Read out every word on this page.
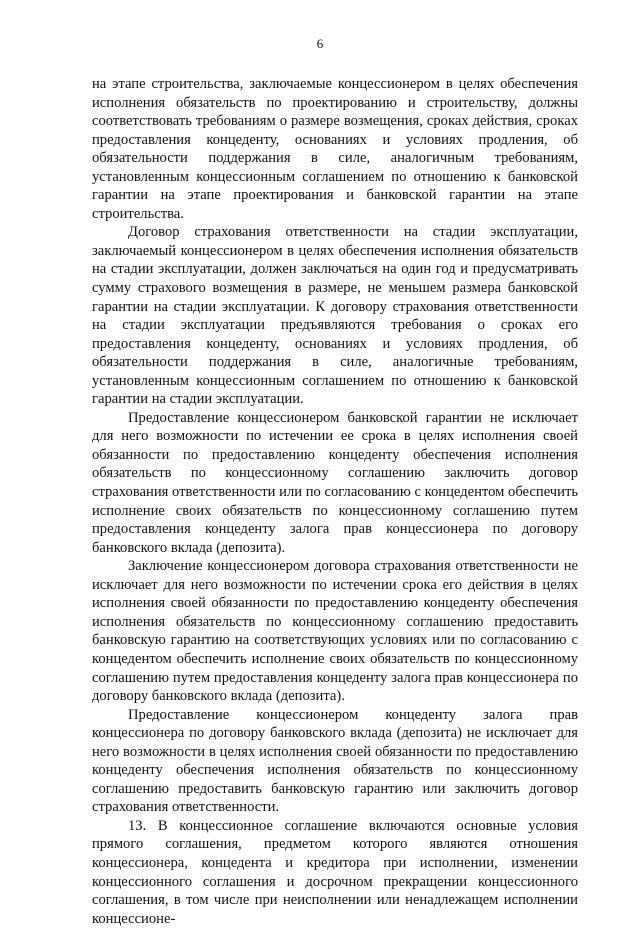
6

на этапе строительства, заключаемые концессионером в целях обеспечения исполнения обязательств по проектированию и строительству, должны соответствовать требованиям о размере возмещения, сроках действия, сроках предоставления концеденту, основаниях и условиях продления, об обязательности поддержания в силе, аналогичным требованиям, установленным концессионным соглашением по отношению к банковской гарантии на этапе проектирования и банковской гарантии на этапе строительства.

Договор страхования ответственности на стадии эксплуатации, заключаемый концессионером в целях обеспечения исполнения обязательств на стадии эксплуатации, должен заключаться на один год и предусматривать сумму страхового возмещения в размере, не меньшем размера банковской гарантии на стадии эксплуатации. К договору страхования ответственности на стадии эксплуатации предъявляются требования о сроках его предоставления концеденту, основаниях и условиях продления, об обязательности поддержания в силе, аналогичные требованиям, установленным концессионным соглашением по отношению к банковской гарантии на стадии эксплуатации.

Предоставление концессионером банковской гарантии не исключает для него возможности по истечении ее срока в целях исполнения своей обязанности по предоставлению концеденту обеспечения исполнения обязательств по концессионному соглашению заключить договор страхования ответственности или по согласованию с концедентом обеспечить исполнение своих обязательств по концессионному соглашению путем предоставления концеденту залога прав концессионера по договору банковского вклада (депозита).

Заключение концессионером договора страхования ответственности не исключает для него возможности по истечении срока его действия в целях исполнения своей обязанности по предоставлению концеденту обеспечения исполнения обязательств по концессионному соглашению предоставить банковскую гарантию на соответствующих условиях или по согласованию с концедентом обеспечить исполнение своих обязательств по концессионному соглашению путем предоставления концеденту залога прав концессионера по договору банковского вклада (депозита).

Предоставление концессионером концеденту залога прав концессионера по договору банковского вклада (депозита) не исключает для него возможности в целях исполнения своей обязанности по предоставлению концеденту обеспечения исполнения обязательств по концессионному соглашению предоставить банковскую гарантию или заключить договор страхования ответственности.

13. В концессионное соглашение включаются основные условия прямого соглашения, предметом которого являются отношения концессионера, концедента и кредитора при исполнении, изменении концессионного соглашения и досрочном прекращении концессионного соглашения, в том числе при неисполнении или ненадлежащем исполнении концессионе-
